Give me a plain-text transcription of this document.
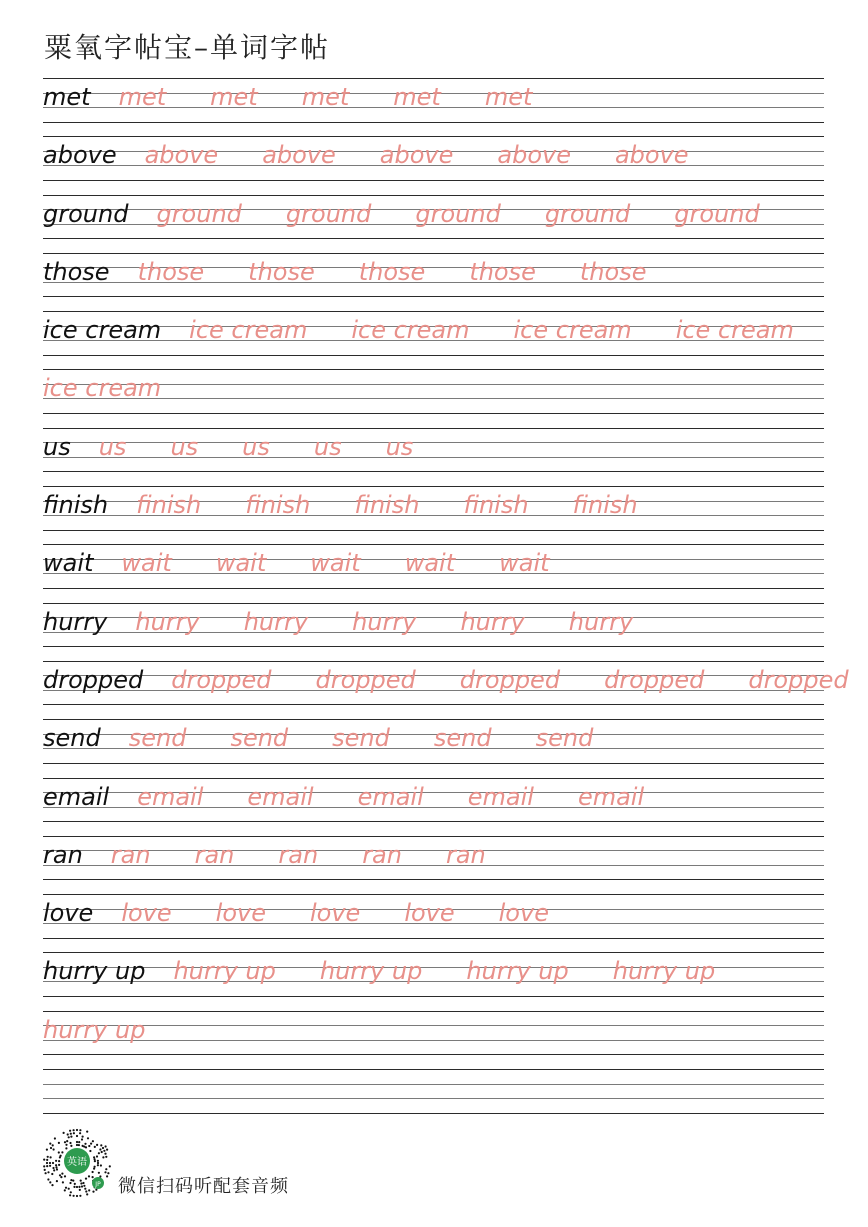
粟氧字帖宝–单词字帖
met met met met met met
above above above above above above
ground ground ground ground ground ground
those those those those those those
ice cream ice cream ice cream ice cream ice cream
ice cream
us us us us us us
finish finish finish finish finish finish
wait wait wait wait wait wait
hurry hurry hurry hurry hurry hurry
dropped dropped dropped dropped dropped dropped
send send send send send send
email email email email email email
ran ran ran ran ran ran
love love love love love love
hurry up hurry up hurry up hurry up hurry up
hurry up
英语
JP 微信扫码听配套音频
